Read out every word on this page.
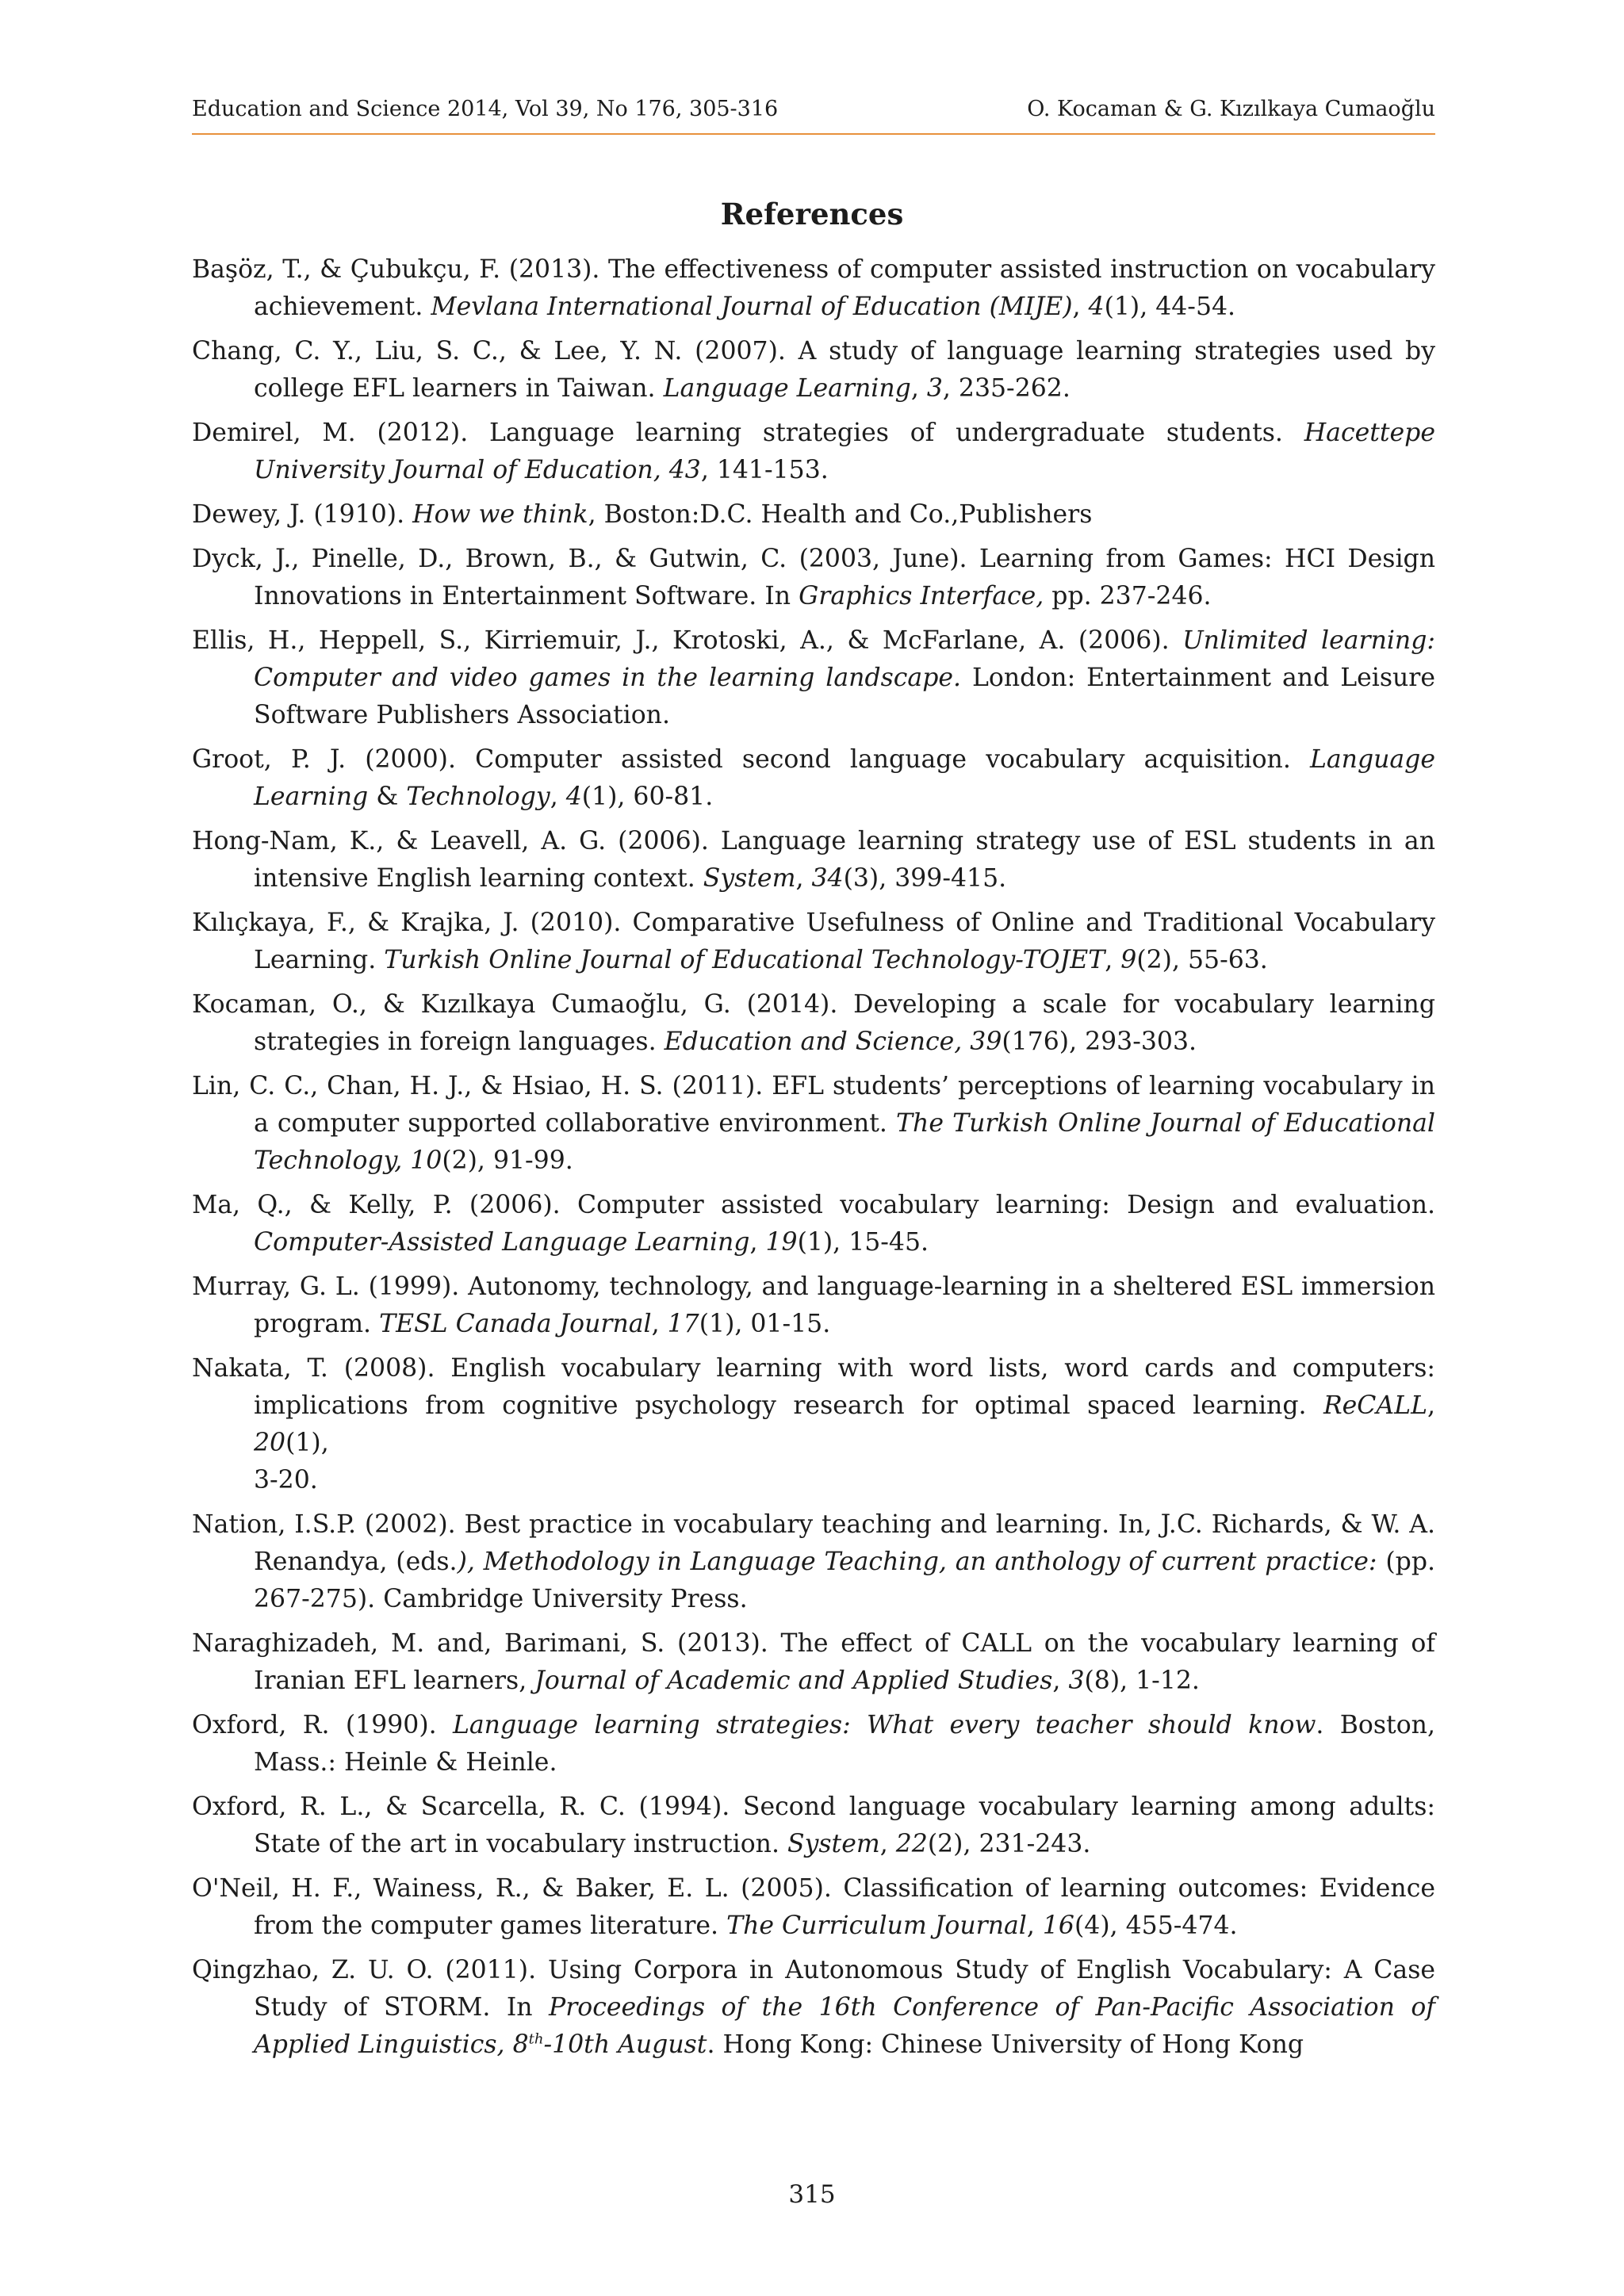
Education and Science 2014, Vol 39, No 176, 305-316	O. Kocaman & G. Kızılkaya Cumaoğlu
References

Başöz, T., & Çubukçu, F. (2013). The effectiveness of computer assisted instruction on vocabulary achievement. Mevlana International Journal of Education (MIJE), 4(1), 44-54.

Chang, C. Y., Liu, S. C., & Lee, Y. N. (2007). A study of language learning strategies used by college EFL learners in Taiwan. Language Learning, 3, 235-262.

Demirel, M. (2012). Language learning strategies of undergraduate students. Hacettepe University Journal of Education, 43, 141-153.

Dewey, J. (1910). How we think, Boston:D.C. Health and Co.,Publishers

Dyck, J., Pinelle, D., Brown, B., & Gutwin, C. (2003, June). Learning from Games: HCI Design Innovations in Entertainment Software. In Graphics Interface, pp. 237-246.

Ellis, H., Heppell, S., Kirriemuir, J., Krotoski, A., & McFarlane, A. (2006). Unlimited learning: Computer and video games in the learning landscape. London: Entertainment and Leisure Software Publishers Association.

Groot, P. J. (2000). Computer assisted second language vocabulary acquisition. Language Learning & Technology, 4(1), 60-81.

Hong-Nam, K., & Leavell, A. G. (2006). Language learning strategy use of ESL students in an intensive English learning context. System, 34(3), 399-415.

Kılıçkaya, F., & Krajka, J. (2010). Comparative Usefulness of Online and Traditional Vocabulary Learning. Turkish Online Journal of Educational Technology-TOJET, 9(2), 55-63.

Kocaman, O., & Kızılkaya Cumaoğlu, G. (2014). Developing a scale for vocabulary learning strategies in foreign languages. Education and Science, 39(176), 293-303.

Lin, C. C., Chan, H. J., & Hsiao, H. S. (2011). EFL students’ perceptions of learning vocabulary in a computer supported collaborative environment. The Turkish Online Journal of Educational Technology, 10(2), 91-99.

Ma, Q., & Kelly, P. (2006). Computer assisted vocabulary learning: Design and evaluation. Computer-Assisted Language Learning, 19(1), 15-45.

Murray, G. L. (1999). Autonomy, technology, and language-learning in a sheltered ESL immersion program. TESL Canada Journal, 17(1), 01-15.

Nakata, T. (2008). English vocabulary learning with word lists, word cards and computers: implications from cognitive psychology research for optimal spaced learning. ReCALL, 20(1),
3-20.

Nation, I.S.P. (2002). Best practice in vocabulary teaching and learning. In, J.C. Richards, & W. A. Renandya, (eds.), Methodology in Language Teaching, an anthology of current practice: (pp. 267-275). Cambridge University Press.

Naraghizadeh, M. and, Barimani, S. (2013). The effect of CALL on the vocabulary learning of Iranian EFL learners, Journal of Academic and Applied Studies, 3(8), 1-12.

Oxford, R. (1990). Language learning strategies: What every teacher should know. Boston, Mass.: Heinle & Heinle.

Oxford, R. L., & Scarcella, R. C. (1994). Second language vocabulary learning among adults: State of the art in vocabulary instruction. System, 22(2), 231-243.

O'Neil, H. F., Wainess, R., & Baker, E. L. (2005). Classification of learning outcomes: Evidence from the computer games literature. The Curriculum Journal, 16(4), 455-474.

Qingzhao, Z. U. O. (2011). Using Corpora in Autonomous Study of English Vocabulary: A Case Study of STORM. In Proceedings of the 16th Conference of Pan-Pacific Association of Applied Linguistics, 8th-10th August. Hong Kong: Chinese University of Hong Kong

315
